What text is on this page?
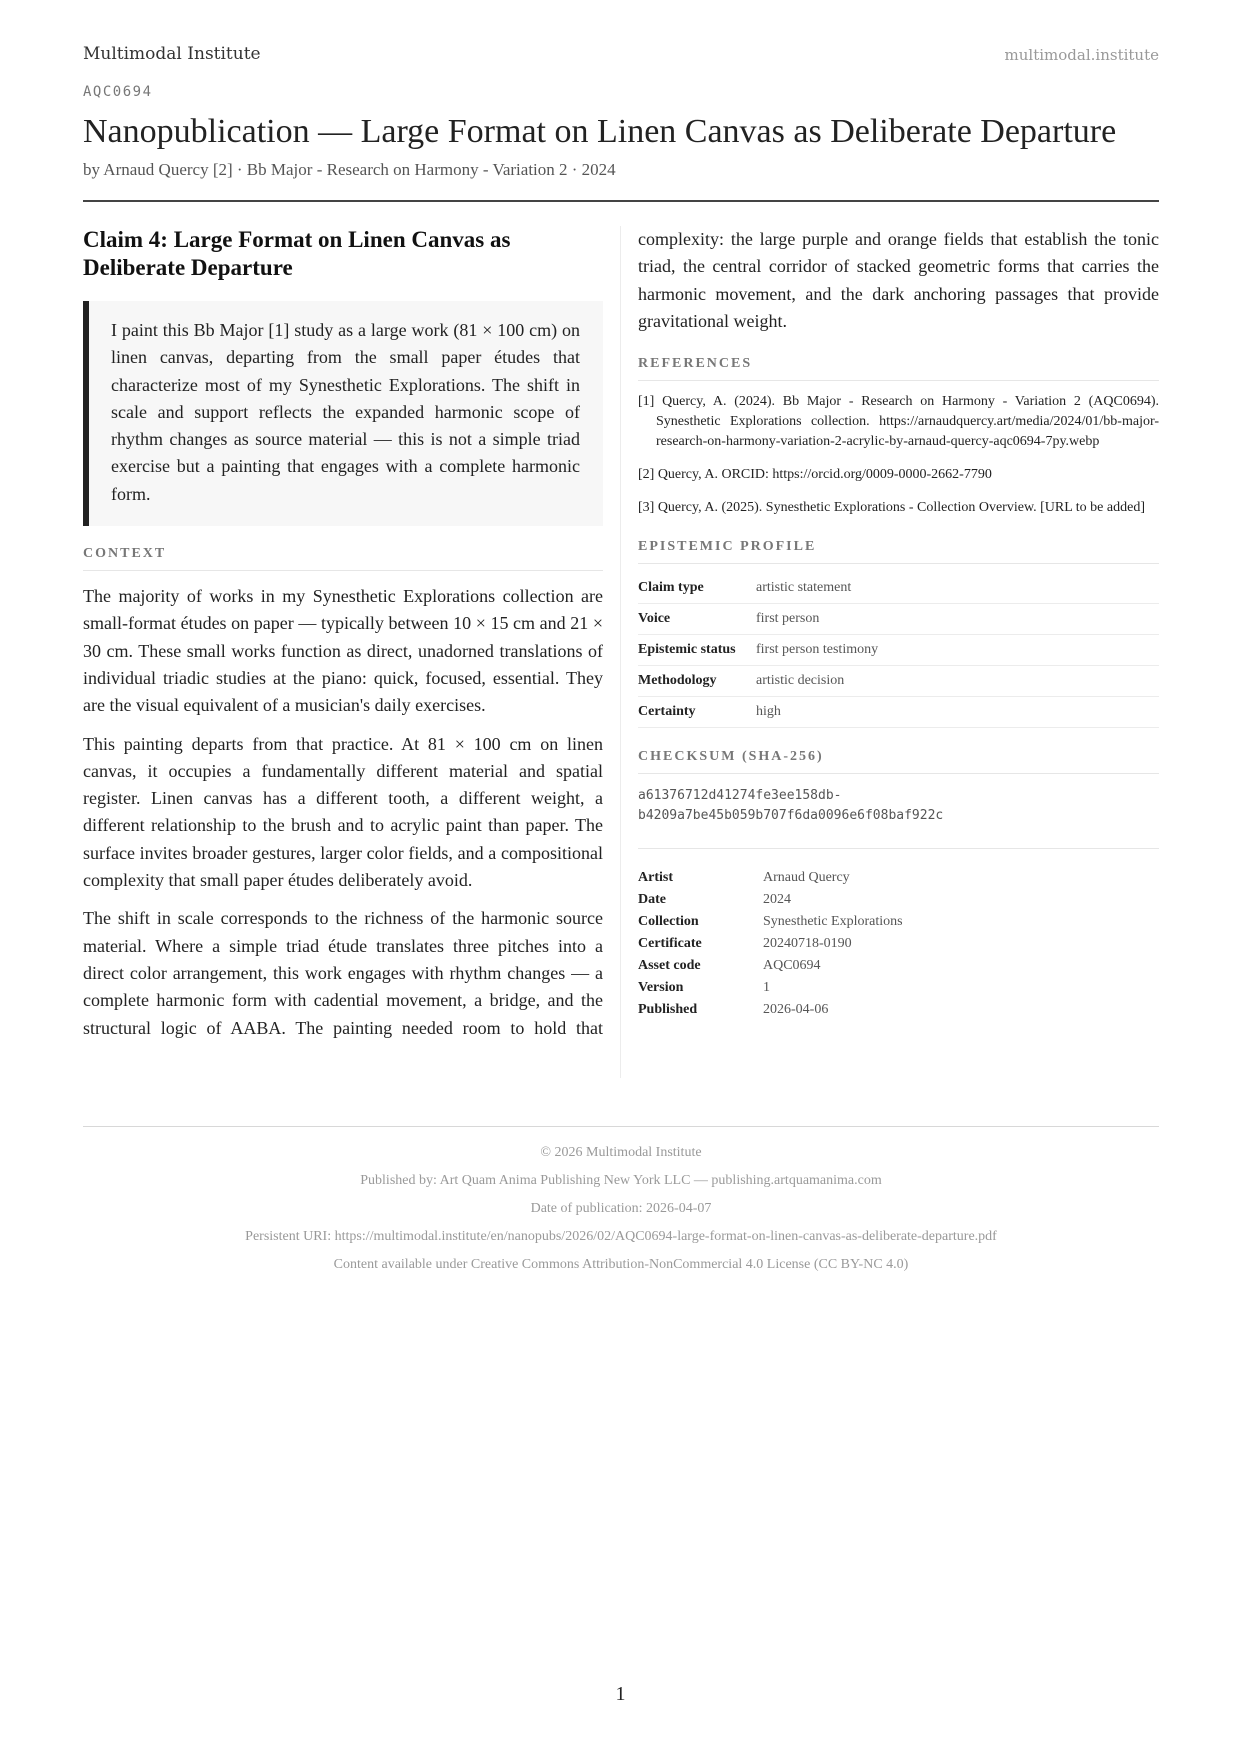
Multimodal Institute	multimodal.institute
AQC0694
Nanopublication — Large Format on Linen Canvas as Deliberate Departure
by Arnaud Quercy [2] · Bb Major - Research on Harmony - Variation 2 · 2024
Claim 4: Large Format on Linen Canvas as Deliberate Departure
I paint this Bb Major [1] study as a large work (81 × 100 cm) on linen canvas, departing from the small paper études that characterize most of my Synesthetic Explorations. The shift in scale and support reflects the expanded harmonic scope of rhythm changes as source material — this is not a simple triad exercise but a painting that engages with a complete harmonic form.
CONTEXT

The majority of works in my Synesthetic Explorations collection are small-format études on paper — typically between 10 × 15 cm and 21 × 30 cm. These small works function as direct, unadorned translations of individual triadic studies at the piano: quick, focused, essential. They are the visual equivalent of a musician's daily exercises.

This painting departs from that practice. At 81 × 100 cm on linen canvas, it occupies a fundamentally different material and spatial register. Linen canvas has a different tooth, a different weight, a different relationship to the brush and to acrylic paint than paper. The surface invites broader gestures, larger color fields, and a compositional complexity that small paper études deliberately avoid.

The shift in scale corresponds to the richness of the harmonic source material. Where a simple triad étude translates three pitches into a direct color arrangement, this work engages with rhythm changes — a complete harmonic form with cadential movement, a bridge, and the structural logic of AABA. The painting needed room to hold that

complexity: the large purple and orange fields that establish the tonic triad, the central corridor of stacked geometric forms that carries the harmonic movement, and the dark anchoring passages that provide gravitational weight.

REFERENCES
[1] Quercy, A. (2024). Bb Major - Research on Harmony - Variation 2 (AQC0694). Synesthetic Explorations collection. https://arnaudquercy.art/media/2024/01/bb-major-research-on-harmony-variation-2-acrylic-by-arnaud-quercy-aqc0694-7py.webp
[2] Quercy, A. ORCID: https://orcid.org/0009-0000-2662-7790
[3] Quercy, A. (2025). Synesthetic Explorations - Collection Overview. [URL to be added]
EPISTEMIC PROFILE
Claim type	artistic statement
Voice	first person
Epistemic status	first person testimony
Methodology	artistic decision
Certainty	high
CHECKSUM (SHA-256)
a61376712d41274fe3ee158db-
b4209a7be45b059b707f6da0096e6f08baf922c
Artist	Arnaud Quercy
Date	2024
Collection	Synesthetic Explorations
Certificate	20240718-0190
Asset code	AQC0694
Version	1
Published	2026-04-06
© 2026 Multimodal Institute
Published by: Art Quam Anima Publishing New York LLC — publishing.artquamanima.com
Date of publication: 2026-04-07
Persistent URI: https://multimodal.institute/en/nanopubs/2026/02/AQC0694-large-format-on-linen-canvas-as-deliberate-departure.pdf
Content available under Creative Commons Attribution-NonCommercial 4.0 License (CC BY-NC 4.0)
1
